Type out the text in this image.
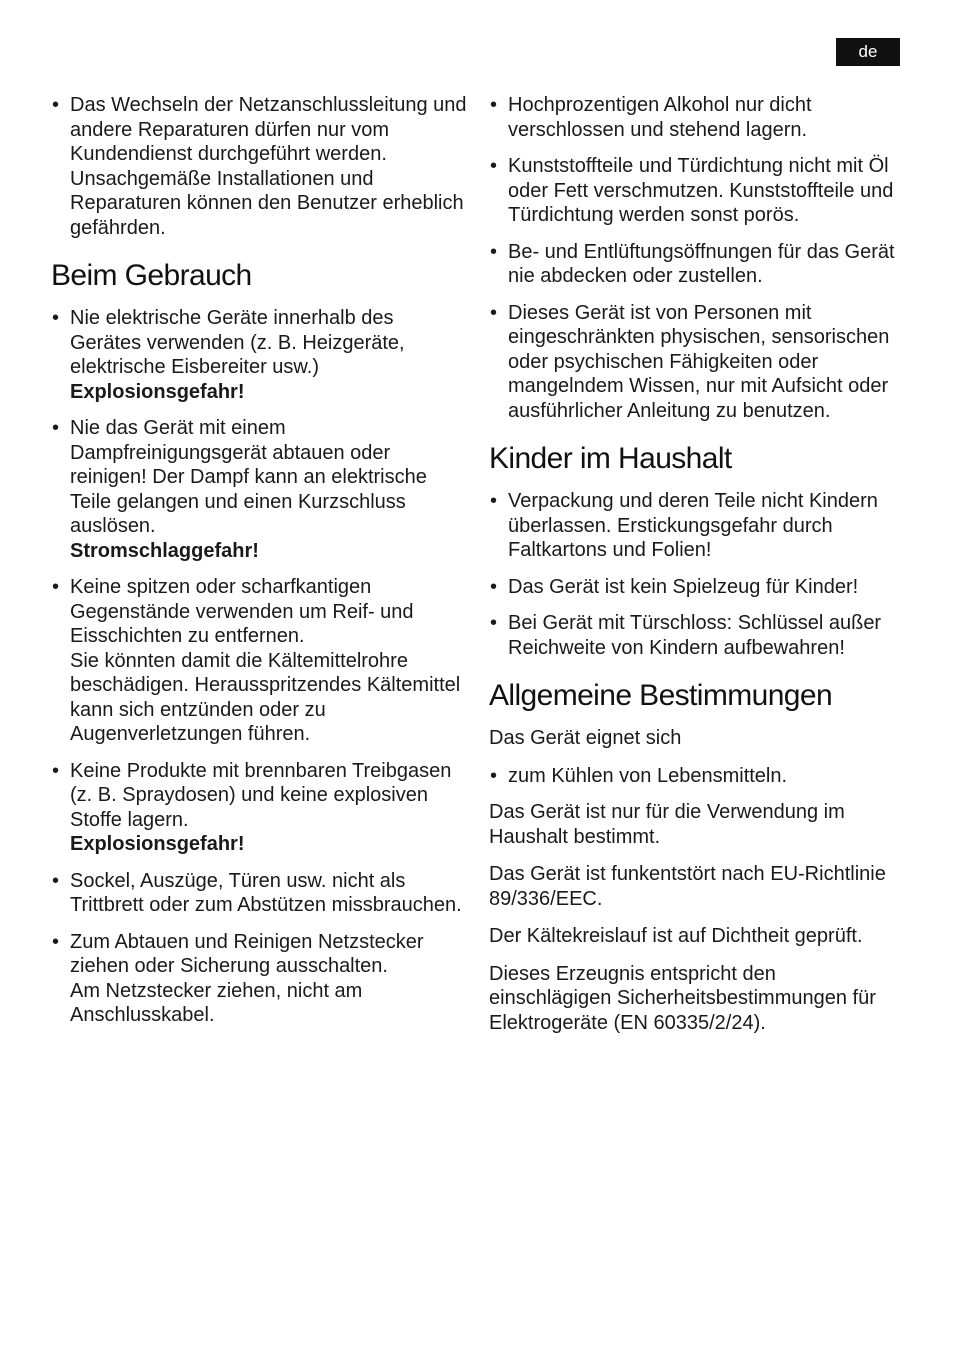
de
• Das Wechseln der Netzanschlussleitung und andere Reparaturen dürfen nur vom Kundendienst durchgeführt werden. Unsachgemäße Installationen und Reparaturen können den Benutzer erheblich gefährden.
Beim Gebrauch
• Nie elektrische Geräte innerhalb des Gerätes verwenden (z. B. Heizgeräte, elektrische Eisbereiter usw.)
Explosionsgefahr!
• Nie das Gerät mit einem Dampfreinigungsgerät abtauen oder reinigen! Der Dampf kann an elektrische Teile gelangen und einen Kurzschluss auslösen.
Stromschlaggefahr!
• Keine spitzen oder scharfkantigen Gegenstände verwenden um Reif- und Eisschichten zu entfernen.
Sie könnten damit die Kältemittelrohre beschädigen. Herausspritzendes Kältemittel kann sich entzünden oder zu Augenverletzungen führen.
• Keine Produkte mit brennbaren Treibgasen (z. B. Spraydosen) und keine explosiven Stoffe lagern.
Explosionsgefahr!
• Sockel, Auszüge, Türen usw. nicht als Trittbrett oder zum Abstützen missbrauchen.
• Zum Abtauen und Reinigen Netzstecker ziehen oder Sicherung ausschalten.
Am Netzstecker ziehen, nicht am Anschlusskabel.
• Hochprozentigen Alkohol nur dicht verschlossen und stehend lagern.
• Kunststoffteile und Türdichtung nicht mit Öl oder Fett verschmutzen. Kunststoffteile und Türdichtung werden sonst porös.
• Be- und Entlüftungsöffnungen für das Gerät nie abdecken oder zustellen.
• Dieses Gerät ist von Personen mit eingeschränkten physischen, sensorischen oder psychischen Fähigkeiten oder mangelndem Wissen, nur mit Aufsicht oder ausführlicher Anleitung zu benutzen.
Kinder im Haushalt
• Verpackung und deren Teile nicht Kindern überlassen. Erstickungsgefahr durch Faltkartons und Folien!
• Das Gerät ist kein Spielzeug für Kinder!
• Bei Gerät mit Türschloss: Schlüssel außer Reichweite von Kindern aufbewahren!
Allgemeine Bestimmungen

Das Gerät eignet sich

• zum Kühlen von Lebensmitteln.

Das Gerät ist nur für die Verwendung im Haushalt bestimmt.

Das Gerät ist funkentstört nach EU-Richtlinie 89/336/EEC.

Der Kältekreislauf ist auf Dichtheit geprüft.

Dieses Erzeugnis entspricht den einschlägigen Sicherheitsbestimmungen für Elektrogeräte (EN 60335/2/24).
